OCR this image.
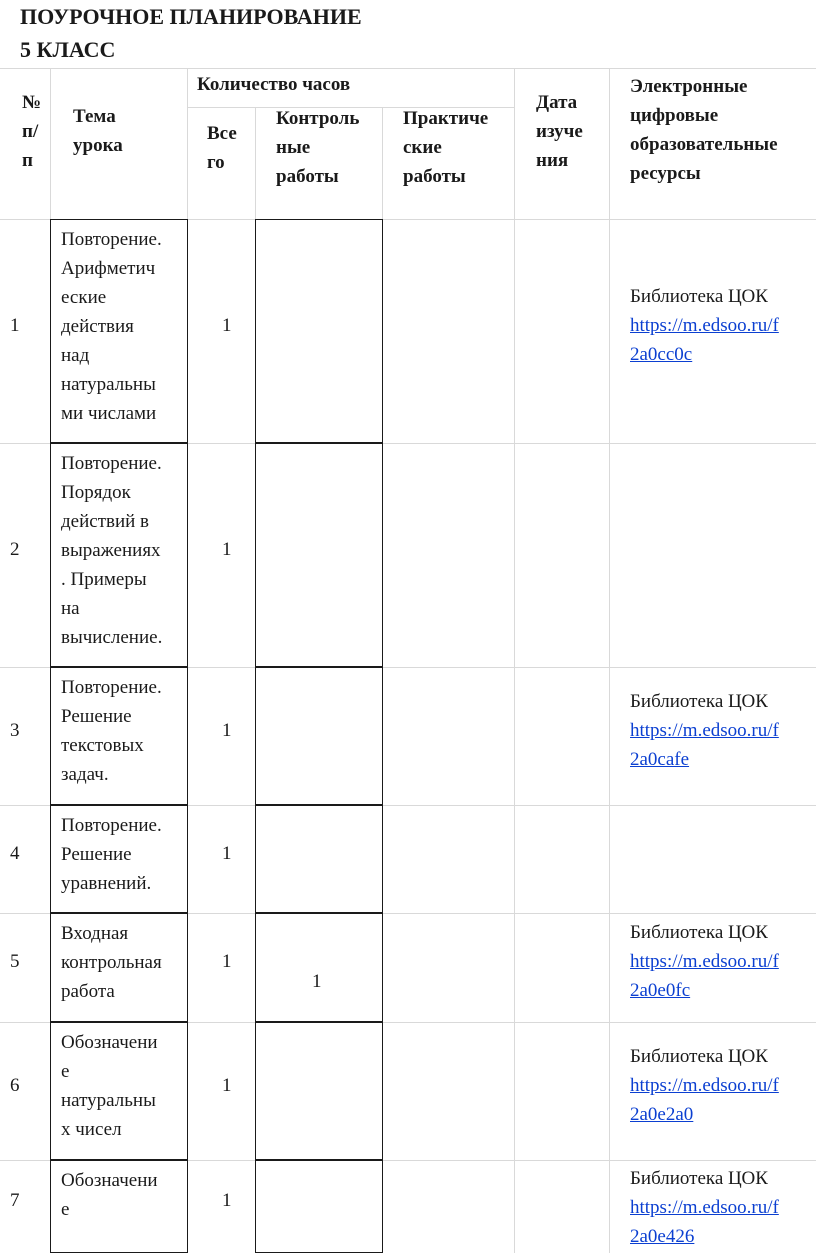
ПОУРОЧНОЕ ПЛАНИРОВАНИЕ
5 КЛАСС
№
п/
п
Тема
урока
Количество часов
Все
го
Контроль
ные
работы
Практиче
ские
работы
Дата
изуче
ния
Электронные
цифровые
образовательные
ресурсы
1
Повторение.
Арифметич
еские
действия
над
натуральны
ми числами
1
Библиотека ЦОК
https://m.edsoo.ru/f
2a0cc0c
2
Повторение.
Порядок
действий в
выражениях
. Примеры
на
вычисление.
1
3
Повторение.
Решение
текстовых
задач.
1
Библиотека ЦОК
https://m.edsoo.ru/f
2a0cafe
4
Повторение.
Решение
уравнений.
1
5
Входная
контрольная
работа
1
1
Библиотека ЦОК
https://m.edsoo.ru/f
2a0e0fc
6
Обозначени
е
натуральны
х чисел
1
Библиотека ЦОК
https://m.edsoo.ru/f
2a0e2a0
7
Обозначени
е	1
Библиотека ЦОК
https://m.edsoo.ru/f
2a0e426
